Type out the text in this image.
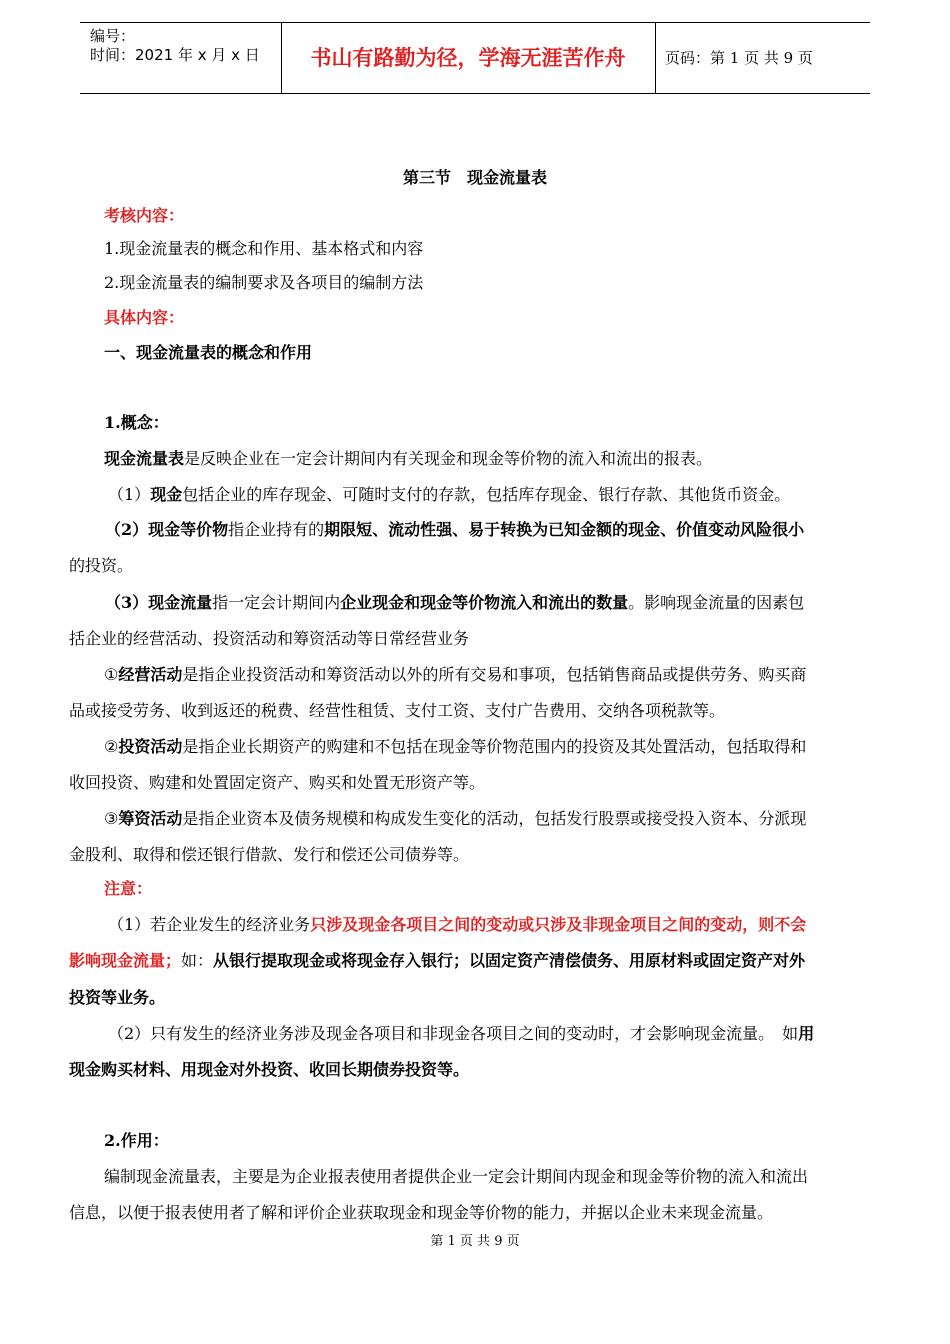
编号：
时间：2021 年 x 月 x 日	书山有路勤为径，学海无涯苦作舟	页码：第 1 页 共 9 页
第三节　现金流量表
考核内容：
1.现金流量表的概念和作用、基本格式和内容
2.现金流量表的编制要求及各项目的编制方法
具体内容：
一、现金流量表的概念和作用
1.概念：
现金流量表是反映企业在一定会计期间内有关现金和现金等价物的流入和流出的报表。
（1）现金包括企业的库存现金、可随时支付的存款，包括库存现金、银行存款、其他货币资金。
（2）现金等价物指企业持有的期限短、流动性强、易于转换为已知金额的现金、价值变动风险很小
的投资。
（3）现金流量指一定会计期间内企业现金和现金等价物流入和流出的数量。影响现金流量的因素包
括企业的经营活动、投资活动和筹资活动等日常经营业务
①经营活动是指企业投资活动和筹资活动以外的所有交易和事项，包括销售商品或提供劳务、购买商
品或接受劳务、收到返还的税费、经营性租赁、支付工资、支付广告费用、交纳各项税款等。
②投资活动是指企业长期资产的购建和不包括在现金等价物范围内的投资及其处置活动，包括取得和
收回投资、购建和处置固定资产、购买和处置无形资产等。
③筹资活动是指企业资本及债务规模和构成发生变化的活动，包括发行股票或接受投入资本、分派现
金股利、取得和偿还银行借款、发行和偿还公司债券等。
注意：
（1）若企业发生的经济业务只涉及现金各项目之间的变动或只涉及非现金项目之间的变动，则不会
影响现金流量；如：从银行提取现金或将现金存入银行；以固定资产清偿债务、用原材料或固定资产对外
投资等业务。
（2）只有发生的经济业务涉及现金各项目和非现金各项目之间的变动时，才会影响现金流量。　如用
现金购买材料、用现金对外投资、收回长期债券投资等。
2.作用：
编制现金流量表，主要是为企业报表使用者提供企业一定会计期间内现金和现金等价物的流入和流出
信息，以便于报表使用者了解和评价企业获取现金和现金等价物的能力，并据以企业未来现金流量。
第 1 页 共 9 页
